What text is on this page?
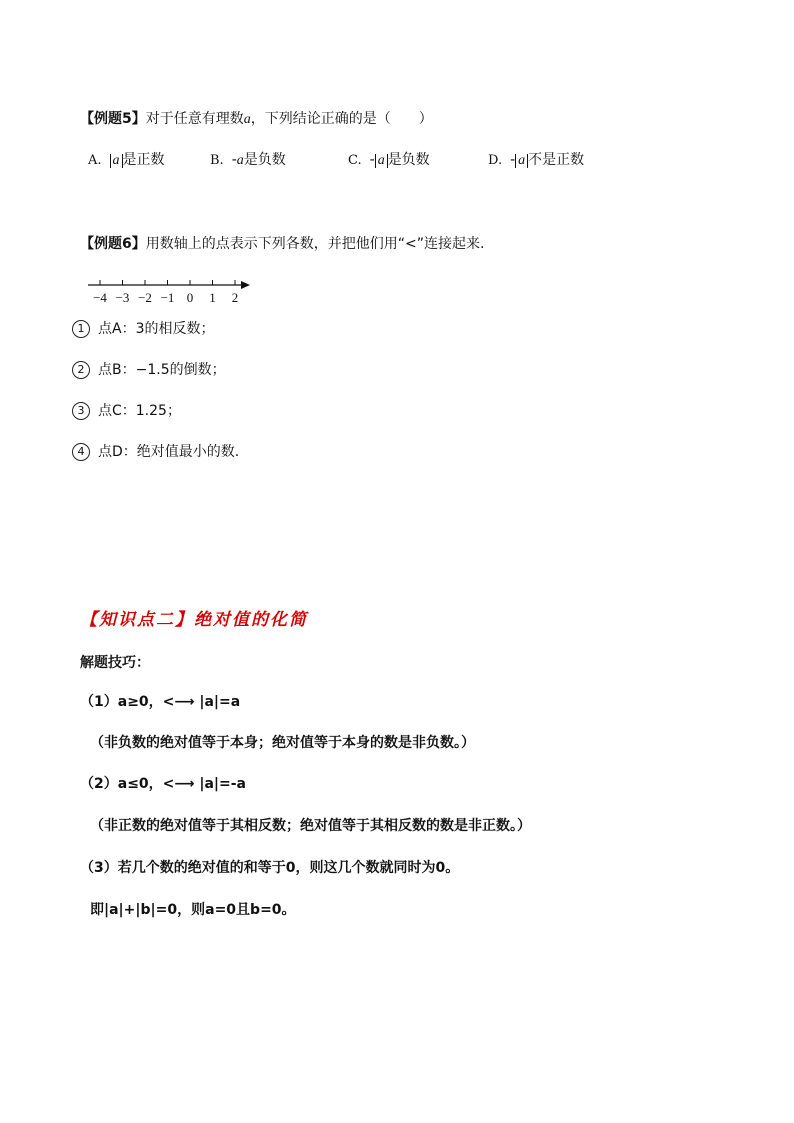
【例题5】对于任意有理数a，下列结论正确的是（　　）
A. a 是正数	B. -a是负数	C. - a 是负数	D. - a 不是正数
【例题6】用数轴上的点表示下列各数，并把他们用“<”连接起来.
−4 −3 −2 −1 0 1 2
1 点A：3的相反数；
2 点B：−1.5的倒数；
3 点C：1.25；
4 点D：绝对值最小的数.
【知识点二】绝对值的化简
解题技巧：
（1）a≥0，<⟶ |a|=a
（非负数的绝对值等于本身；绝对值等于本身的数是非负数。）
（2）a≤0，<⟶ |a|=-a
（非正数的绝对值等于其相反数；绝对值等于其相反数的数是非正数。）
（3）若几个数的绝对值的和等于0，则这几个数就同时为0。
即|a|+|b|=0，则a=0且b=0。
